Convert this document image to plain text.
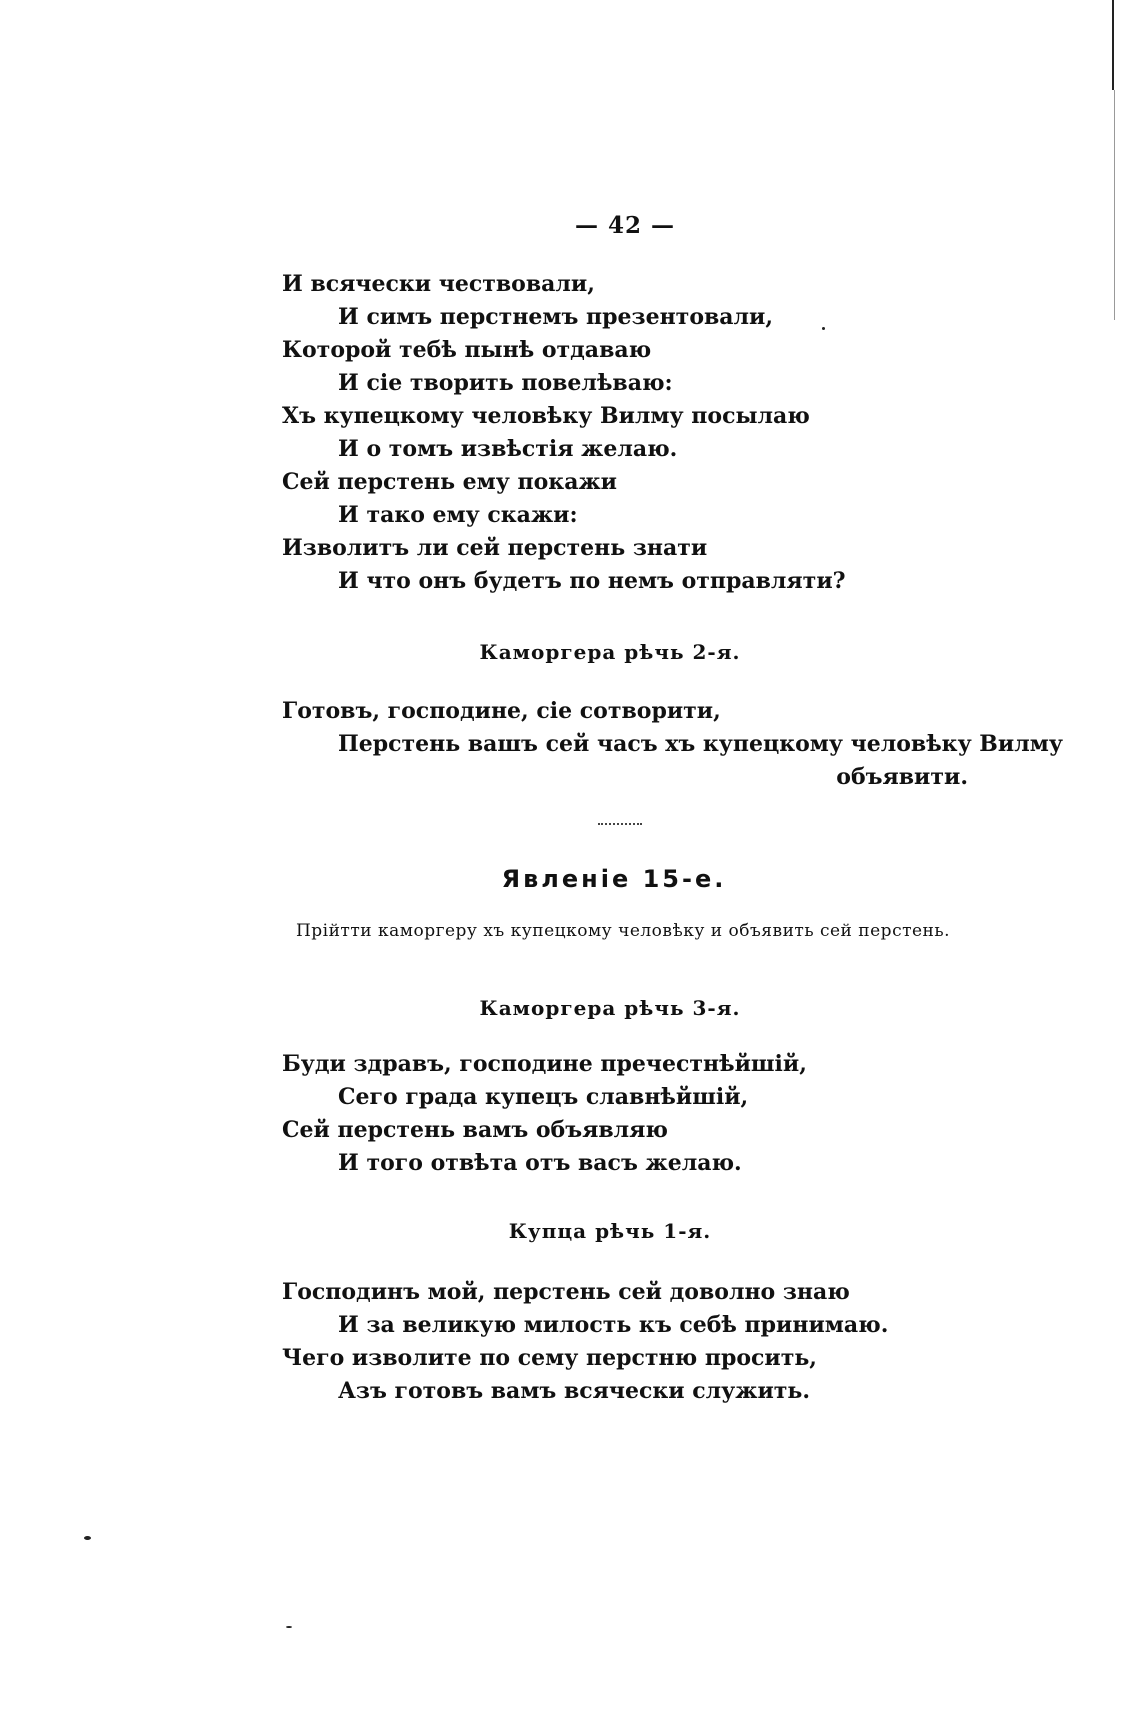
— 42 —
И всячески чествовали,
И симъ перстнемъ презентовали,
Которой тебѣ пынѣ отдаваю
И сіе творить повелѣваю:
Хъ купецкому человѣку Вилму посылаю
И о томъ извѣстія желаю.
Сей перстень ему покажи
И тако ему скажи:
Изволитъ ли сей перстень знати
И что онъ будетъ по немъ отправляти?
Каморгера рѣчь 2-я.
Готовъ, господине, сіе сотворити,
Перстень вашъ сей часъ хъ купецкому человѣку Вилму
объявити.
Явленіе 15-е.
Прійтти каморгеру хъ купецкому человѣку и объявить сей перстень.
Каморгера рѣчь 3-я.
Буди здравъ, господине пречестнѣйшій,
Сего града купецъ славнѣйшій,
Сей перстень вамъ объявляю
И того отвѣта отъ васъ желаю.
Купца рѣчь 1-я.
Господинъ мой, перстень сей доволно знаю
И за великую милость къ себѣ принимаю.
Чего изволите по сему перстню просить,
Азъ готовъ вамъ всячески служить.
